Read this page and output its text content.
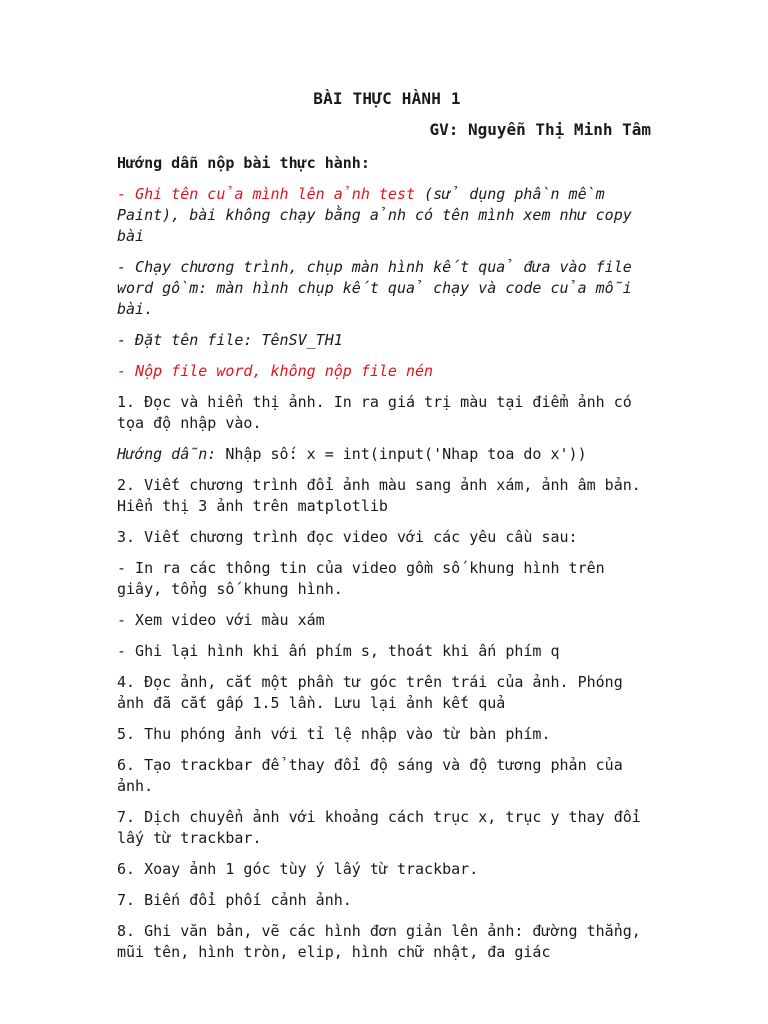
BÀI THỰC HÀNH 1
GV: Nguyễn Thị Minh Tâm
Hướng dẫn nộp bài thực hành:

- Ghi tên của mình lên ảnh test (sử dụng phần mềm Paint), bài không chạy bằng ảnh có tên mình xem như copy bài

- Chạy chương trình, chụp màn hình kết quả đưa vào file word gồm: màn hình chụp kết quả chạy và code của mỗi bài.

- Đặt tên file: TênSV_TH1

- Nộp file word, không nộp file nén

1. Đọc và hiển thị ảnh. In ra giá trị màu tại điểm ảnh có tọa độ nhập vào.

Hướng dẫn: Nhập số: x = int(input('Nhap toa do x'))

2. Viết chương trình đổi ảnh màu sang ảnh xám, ảnh âm bản. Hiển thị 3 ảnh trên matplotlib

3. Viết chương trình đọc video với các yêu cầu sau:

- In ra các thông tin của video gồm số khung hình trên giây, tổng số khung hình.

- Xem video với màu xám

- Ghi lại hình khi ấn phím s, thoát khi ấn phím q

4. Đọc ảnh, cắt một phần tư góc trên trái của ảnh. Phóng ảnh đã cắt gấp 1.5 lần. Lưu lại ảnh kết quả

5. Thu phóng ảnh với tỉ lệ nhập vào từ bàn phím.

6. Tạo trackbar để thay đổi độ sáng và độ tương phản của ảnh.

7. Dịch chuyển ảnh với khoảng cách trục x, trục y thay đổi lấy từ trackbar.

6. Xoay ảnh 1 góc tùy ý lấy từ trackbar.

7. Biến đổi phối cảnh ảnh.

8. Ghi văn bản, vẽ các hình đơn giản lên ảnh: đường thẳng, mũi tên, hình tròn, elip, hình chữ nhật, đa giác
